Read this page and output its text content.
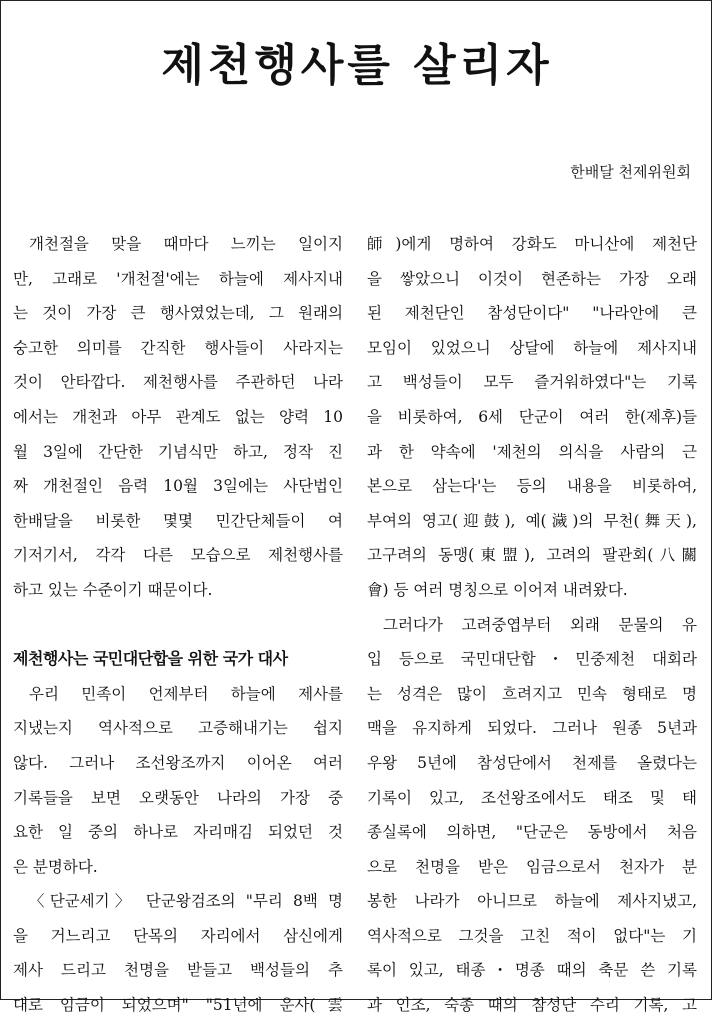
제천행사를 살리자
한배달 천제위원회
개천절을 맞을 때마다 느끼는 일이지
만, 고래로 '개천절'에는 하늘에 제사지내
는 것이 가장 큰 행사였었는데, 그 원래의
숭고한 의미를 간직한 행사들이 사라지는
것이 안타깝다. 제천행사를 주관하던 나라
에서는 개천과 아무 관계도 없는 양력 10
월 3일에 간단한 기념식만 하고, 정작 진
짜 개천절인 음력 10월 3일에는 사단법인
한배달을 비롯한 몇몇 민간단체들이 여
기저기서, 각각 다른 모습으로 제천행사를
하고 있는 수준이기 때문이다.
제천행사는 국민대단합을 위한 국가 대사
우리 민족이 언제부터 하늘에 제사를
지냈는지 역사적으로 고증해내기는 쉽지
않다. 그러나 조선왕조까지 이어온 여러
기록들을 보면 오랫동안 나라의 가장 중
요한 일 중의 하나로 자리매김 되었던 것
은 분명하다.
〈단군세기〉 단군왕검조의 "무리 8백 명
을 거느리고 단목의 자리에서 삼신에게
제사 드리고 천명을 받들고 백성들의 추
대로 임금이 되었으며" "51년에 운사(雲
師)에게 명하여 강화도 마니산에 제천단
을 쌓았으니 이것이 현존하는 가장 오래
된 제천단인 참성단이다" "나라안에 큰
모임이 있었으니 상달에 하늘에 제사지내
고 백성들이 모두 즐거워하였다"는 기록
을 비롯하여, 6세 단군이 여러 한(제후)들
과 한 약속에 '제천의 의식을 사람의 근
본으로 삼는다'는 등의 내용을 비롯하여,
부여의 영고(迎鼓), 예(濊)의 무천(舞天),
고구려의 동맹(東盟), 고려의 팔관회(八關
會) 등 여러 명칭으로 이어져 내려왔다.
그러다가 고려중엽부터 외래 문물의 유
입 등으로 국민대단합・민중제천 대회라
는 성격은 많이 흐려지고 민속 형태로 명
맥을 유지하게 되었다. 그러나 원종 5년과
우왕 5년에 참성단에서 천제를 올렸다는
기록이 있고, 조선왕조에서도 태조 및 태
종실록에 의하면, "단군은 동방에서 처음
으로 천명을 받은 임금으로서 천자가 분
봉한 나라가 아니므로 하늘에 제사지냈고,
역사적으로 그것을 고친 적이 없다"는 기
록이 있고, 태종・명종 때의 축문 쓴 기록
과 인조, 숙종 때의 참성단 수리 기록, 고
